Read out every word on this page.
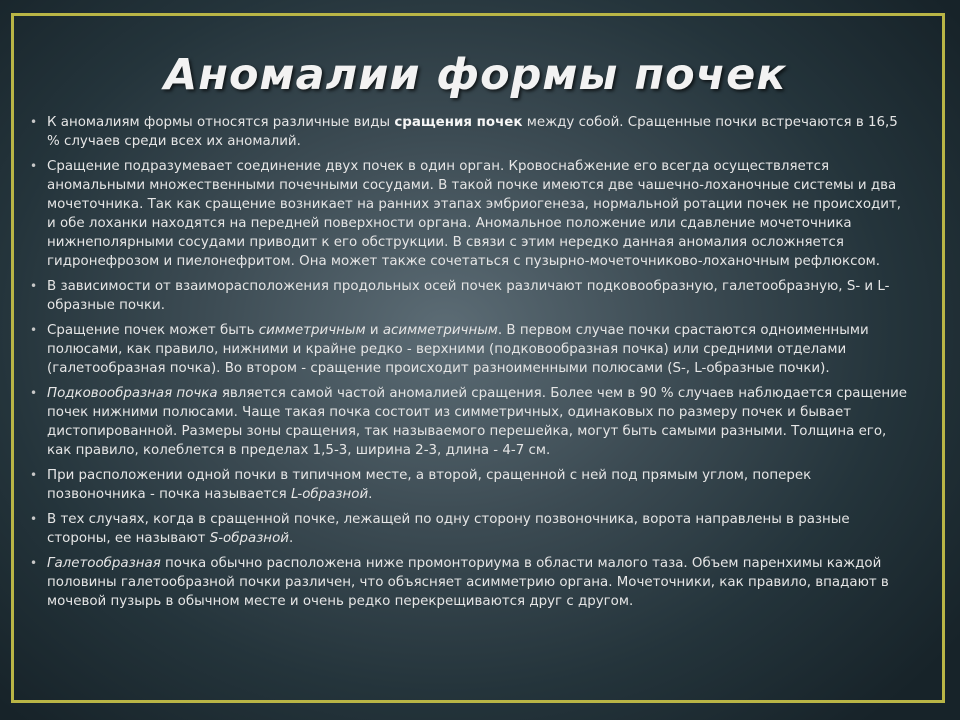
Аномалии формы почек
• К аномалиям формы относятся различные виды сращения почек между собой. Сращенные почки встречаются в 16,5 % случаев среди всех их аномалий.
• Сращение подразумевает соединение двух почек в один орган. Кровоснабжение его всегда осуществляется аномальными множественными почечными сосудами. В такой почке имеются две чашечно-лоханочные системы и два мочеточника. Так как сращение возникает на ранних этапах эмбриогенеза, нормальной ротации почек не происходит, и обе лоханки находятся на передней поверхности органа. Аномальное положение или сдавление мочеточника нижнеполярными сосудами приводит к его обструкции. В связи с этим нередко данная аномалия осложняется гидронефрозом и пиелонефритом. Она может также сочетаться с пузырно-мочеточниково-лоханочным рефлюксом.
• В зависимости от взаиморасположения продольных осей почек различают подковообразную, галетообразную, S- и L-образные почки.
• Сращение почек может быть симметричным и асимметричным. В первом случае почки срастаются одноименными полюсами, как правило, нижними и крайне редко - верхними (подковообразная почка) или средними отделами (галетообразная почка). Во втором - сращение происходит разноименными полюсами (S-, L-образные почки).
• Подковообразная почка является самой частой аномалией сращения. Более чем в 90 % случаев наблюдается сращение почек нижними полюсами. Чаще такая почка состоит из симметричных, одинаковых по размеру почек и бывает дистопированной. Размеры зоны сращения, так называемого перешейка, могут быть самыми разными. Толщина его, как правило, колеблется в пределах 1,5-3, ширина 2-3, длина - 4-7 см.
• При расположении одной почки в типичном месте, а второй, сращенной с ней под прямым углом, поперек позвоночника - почка называется L-образной.
• В тех случаях, когда в сращенной почке, лежащей по одну сторону позвоночника, ворота направлены в разные стороны, ее называют S-образной.
• Галетообразная почка обычно расположена ниже промонториума в области малого таза. Объем паренхимы каждой половины галетообразной почки различен, что объясняет асимметрию органа. Мочеточники, как правило, впадают в мочевой пузырь в обычном месте и очень редко перекрещиваются друг с другом.
